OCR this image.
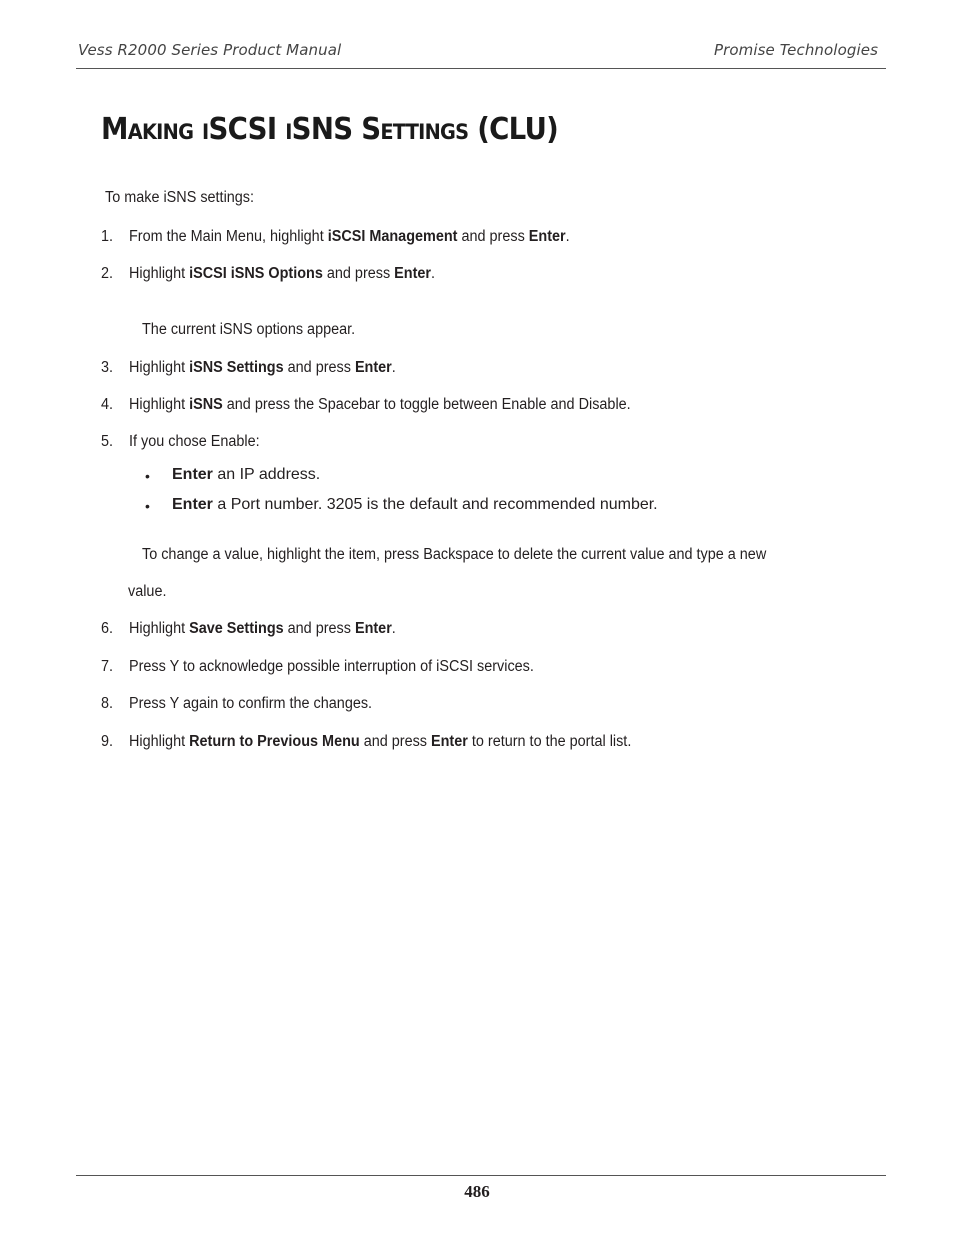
Vess R2000 Series Product Manual	Promise Technologies
Making iSCSI iSNS Settings (CLU)
To make iSNS settings:
1. From the Main Menu, highlight iSCSI Management and press Enter.
2. Highlight iSCSI iSNS Options and press Enter.
The current iSNS options appear.
3. Highlight iSNS Settings and press Enter.
4. Highlight iSNS and press the Spacebar to toggle between Enable and Disable.
5. If you chose Enable:
• Enter an IP address.
• Enter a Port number. 3205 is the default and recommended number.
To change a value, highlight the item, press Backspace to delete the current value and type a new
value.
6. Highlight Save Settings and press Enter.
7. Press Y to acknowledge possible interruption of iSCSI services.
8. Press Y again to confirm the changes.
9. Highlight Return to Previous Menu and press Enter to return to the portal list.
486
